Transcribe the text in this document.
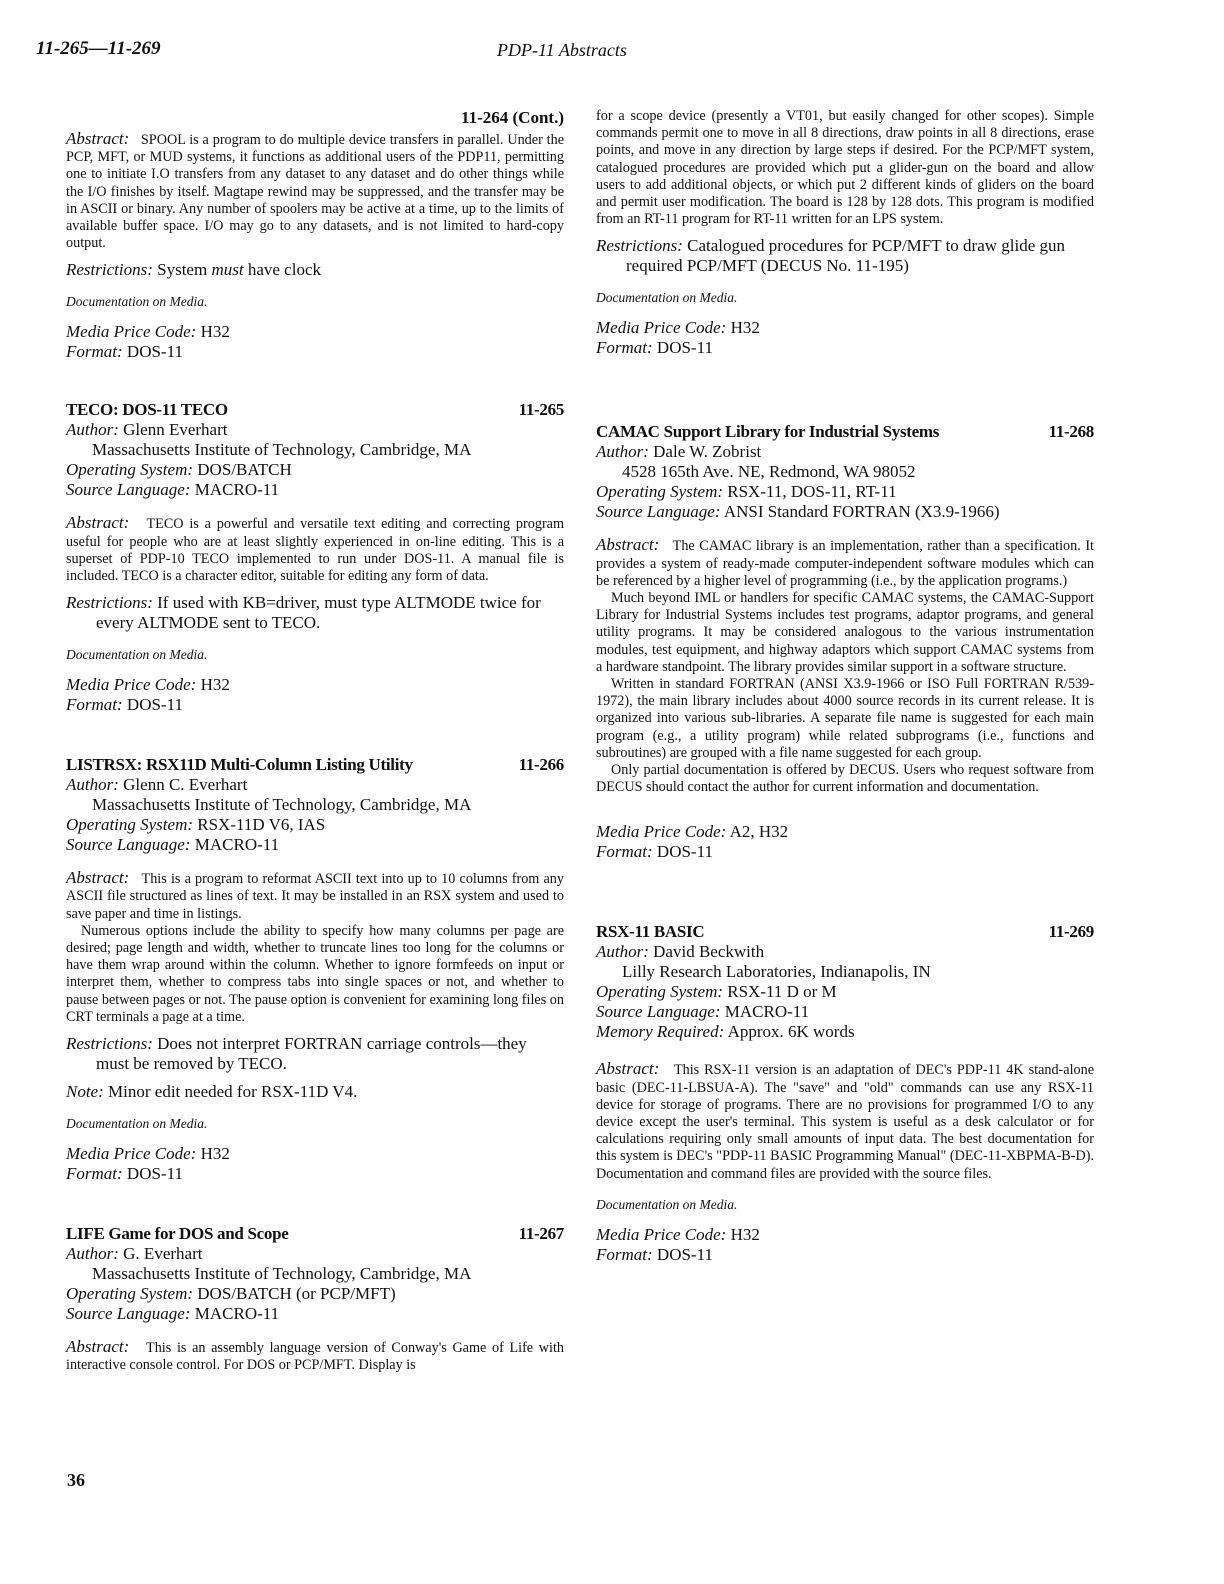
11-265—11-269	PDP-11 Abstracts
11-264 (Cont.)

Abstract: SPOOL is a program to do multiple device transfers in parallel. Under the PCP, MFT, or MUD systems, it functions as additional users of the PDP11, permitting one to initiate I.O transfers from any dataset to any dataset and do other things while the I/O finishes by itself. Magtape rewind may be suppressed, and the transfer may be in ASCII or binary. Any number of spoolers may be active at a time, up to the limits of available buffer space. I/O may go to any datasets, and is not limited to hard-copy output.

Restrictions: System must have clock
Documentation on Media.
Media Price Code: H32
Format: DOS-11
TECO: DOS-11 TECO	11-265
Author: Glenn Everhart
Massachusetts Institute of Technology, Cambridge, MA
Operating System: DOS/BATCH
Source Language: MACRO-11

Abstract: TECO is a powerful and versatile text editing and correcting program useful for people who are at least slightly experienced in on-line editing. This is a superset of PDP-10 TECO implemented to run under DOS-11. A manual file is included. TECO is a character editor, suitable for editing any form of data.

Restrictions: If used with KB=driver, must type ALTMODE twice for every ALTMODE sent to TECO.
Documentation on Media.
Media Price Code: H32
Format: DOS-11
LISTRSX: RSX11D Multi-Column Listing Utility	11-266
Author: Glenn C. Everhart
Massachusetts Institute of Technology, Cambridge, MA
Operating System: RSX-11D V6, IAS
Source Language: MACRO-11

Abstract: This is a program to reformat ASCII text into up to 10 columns from any ASCII file structured as lines of text. It may be installed in an RSX system and used to save paper and time in listings.

Numerous options include the ability to specify how many columns per page are desired; page length and width, whether to truncate lines too long for the columns or have them wrap around within the column. Whether to ignore formfeeds on input or interpret them, whether to compress tabs into single spaces or not, and whether to pause between pages or not. The pause option is convenient for examining long files on CRT terminals a page at a time.

Restrictions: Does not interpret FORTRAN carriage controls—they must be removed by TECO.
Note: Minor edit needed for RSX-11D V4.
Documentation on Media.
Media Price Code: H32
Format: DOS-11
LIFE Game for DOS and Scope	11-267
Author: G. Everhart
Massachusetts Institute of Technology, Cambridge, MA
Operating System: DOS/BATCH (or PCP/MFT)
Source Language: MACRO-11

Abstract: This is an assembly language version of Conway's Game of Life with interactive console control. For DOS or PCP/MFT. Display is

for a scope device (presently a VT01, but easily changed for other scopes). Simple commands permit one to move in all 8 directions, draw points in all 8 directions, erase points, and move in any direction by large steps if desired. For the PCP/MFT system, catalogued procedures are provided which put a glider-gun on the board and allow users to add additional objects, or which put 2 different kinds of gliders on the board and permit user modification. The board is 128 by 128 dots. This program is modified from an RT-11 program for RT-11 written for an LPS system.

Restrictions: Catalogued procedures for PCP/MFT to draw glide gun required PCP/MFT (DECUS No. 11-195)
Documentation on Media.
Media Price Code: H32
Format: DOS-11
CAMAC Support Library for Industrial Systems	11-268
Author: Dale W. Zobrist
4528 165th Ave. NE, Redmond, WA 98052
Operating System: RSX-11, DOS-11, RT-11
Source Language: ANSI Standard FORTRAN (X3.9-1966)

Abstract: The CAMAC library is an implementation, rather than a specification. It provides a system of ready-made computer-independent software modules which can be referenced by a higher level of programming (i.e., by the application programs.)

Much beyond IML or handlers for specific CAMAC systems, the CAMAC-Support Library for Industrial Systems includes test programs, adaptor programs, and general utility programs. It may be considered analogous to the various instrumentation modules, test equipment, and highway adaptors which support CAMAC systems from a hardware standpoint. The library provides similar support in a software structure.

Written in standard FORTRAN (ANSI X3.9-1966 or ISO Full FORTRAN R/539-1972), the main library includes about 4000 source records in its current release. It is organized into various sub-libraries. A separate file name is suggested for each main program (e.g., a utility program) while related subprograms (i.e., functions and subroutines) are grouped with a file name suggested for each group.

Only partial documentation is offered by DECUS. Users who request software from DECUS should contact the author for current information and documentation.

Media Price Code: A2, H32
Format: DOS-11
RSX-11 BASIC	11-269
Author: David Beckwith
Lilly Research Laboratories, Indianapolis, IN
Operating System: RSX-11 D or M
Source Language: MACRO-11
Memory Required: Approx. 6K words

Abstract: This RSX-11 version is an adaptation of DEC's PDP-11 4K stand-alone basic (DEC-11-LBSUA-A). The "save" and "old" commands can use any RSX-11 device for storage of programs. There are no provisions for programmed I/O to any device except the user's terminal. This system is useful as a desk calculator or for calculations requiring only small amounts of input data. The best documentation for this system is DEC's "PDP-11 BASIC Programming Manual" (DEC-11-XBPMA-B-D). Documentation and command files are provided with the source files.

Documentation on Media.
Media Price Code: H32
Format: DOS-11
36
